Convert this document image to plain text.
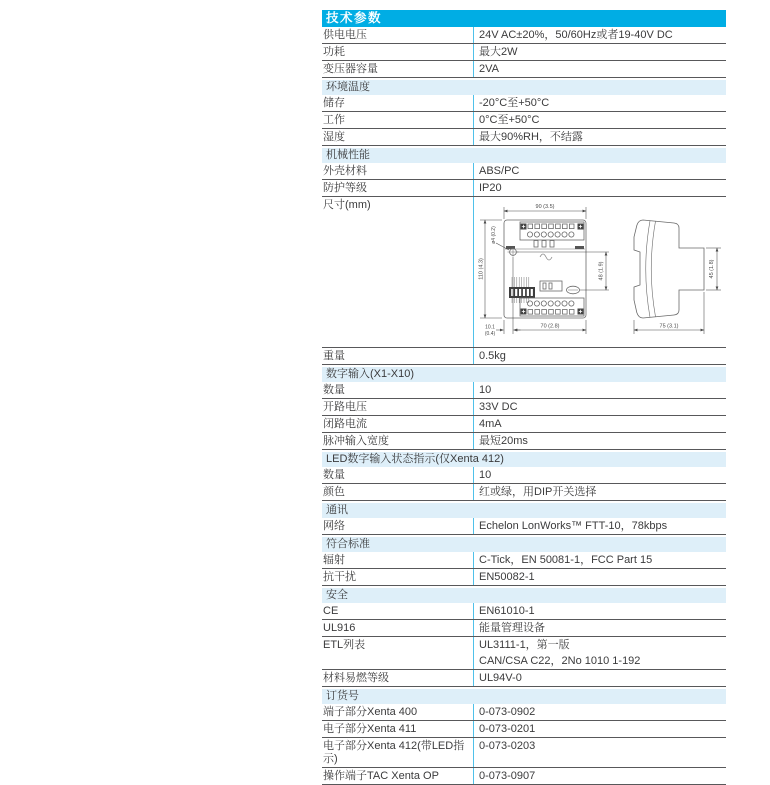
技术参数
供电电压	24V AC±20%，50/60Hz或者19-40V DC
功耗	最大2W
变压器容量	2VA
环境温度
储存	-20°C至+50°C
工作	0°C至+50°C
湿度	最大90%RH，不结露
机械性能
外壳材料	ABS/PC
防护等级	IP20
尺寸(mm)	90 (3.5)
110 (4.3)
ø4 (0.2)
48 (1.9)
10.1
(0.4)
70 (2.8)	75 (3.1)
45 (1.8)
重量	0.5kg
数字输入(X1-X10)
数量	10
开路电压	33V DC
闭路电流	4mA
脉冲输入宽度	最短20ms
LED数字输入状态指示(仅Xenta 412)
数量	10
颜色	红或绿，用DIP开关选择
通讯
网络	Echelon LonWorks™ FTT-10，78kbps
符合标准
辐射	C-Tick，EN 50081-1，FCC Part 15
抗干扰	EN50082-1
安全
CE	EN61010-1
UL916	能量管理设备
ETL列表	UL3111-1，第一版
CAN/CSA C22，2No 1010 1-192
材料易燃等级	UL94V-0
订货号
端子部分Xenta 400	0-073-0902
电子部分Xenta 411	0-073-0201
电子部分Xenta 412(带LED指示)
0-073-0203
操作端子TAC Xenta OP	0-073-0907
